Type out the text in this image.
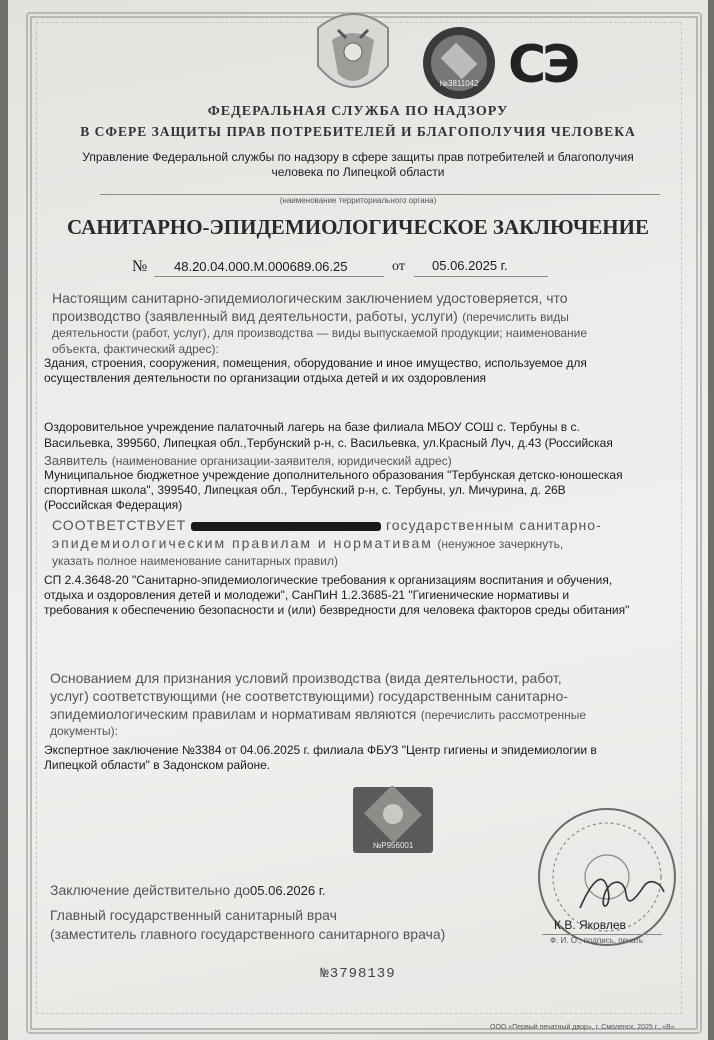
№3811042 СЭ
ФЕДЕРАЛЬНАЯ СЛУЖБА ПО НАДЗОРУ
В СФЕРЕ ЗАЩИТЫ ПРАВ ПОТРЕБИТЕЛЕЙ И БЛАГОПОЛУЧИЯ ЧЕЛОВЕКА
Управление Федеральной службы по надзору в сфере защиты прав потребителей и благополучия
человека по Липецкой области
(наименование территориального органа)
САНИТАРНО-ЭПИДЕМИОЛОГИЧЕСКОЕ ЗАКЛЮЧЕНИЕ
№ 48.20.04.000.М.000689.06.25	от 05.06.2025 г.
Настоящим санитарно-эпидемиологическим заключением удостоверяется, что
производство (заявленный вид деятельности, работы, услуги) (перечислить виды
деятельности (работ, услуг), для производства — виды выпускаемой продукции; наименование
объекта, фактический адрес):
Здания, строения, сооружения, помещения, оборудование и иное имущество, используемое для
осуществления деятельности по организации отдыха детей и их оздоровления
Оздоровительное учреждение палаточный лагерь на базе филиала МБОУ СОШ с. Тербуны в с.
Васильевка, 399560, Липецкая обл.,Тербунский р-н, с. Васильевка, ул.Красный Луч, д.43 (Российская
Заявитель (наименование организации-заявителя, юридический адрес)
Муниципальное бюджетное учреждение дополнительного образования "Тербунская детско-юношеская
спортивная школа", 399540, Липецкая обл., Тербунский р-н, с. Тербуны, ул. Мичурина, д. 26В
(Российская Федерация)
СООТВЕТСТВУЕТ (НЕ СООТВЕТСТВУЕТ)	государственным санитарно-
эпидемиологическим правилам и нормативам (ненужное зачеркнуть,
указать полное наименование санитарных правил)
СП 2.4.3648-20 "Санитарно-эпидемиологические требования к организациям воспитания и обучения,
отдыха и оздоровления детей и молодежи", СанПиН 1.2.3685-21 "Гигиенические нормативы и
требования к обеспечению безопасности и (или) безвредности для человека факторов среды обитания"
Основанием для признания условий производства (вида деятельности, работ,
услуг) соответствующими (не соответствующими) государственным санитарно-
эпидемиологическим правилам и нормативам являются (перечислить рассмотренные
документы):
Экспертное заключение №3384 от 04.06.2025 г. филиала ФБУЗ "Центр гигиены и эпидемиологии в
Липецкой области" в Задонском районе.
№P956001
Заключение действительно до05.06.2026 г.
Главный государственный санитарный врач
(заместитель главного государственного санитарного врача)
К.В. Яковлев
Ф. И. О., подпись, печать
№3798139
ООО «Первый печатный двор», г. Смоленск, 2025 г., «В»
